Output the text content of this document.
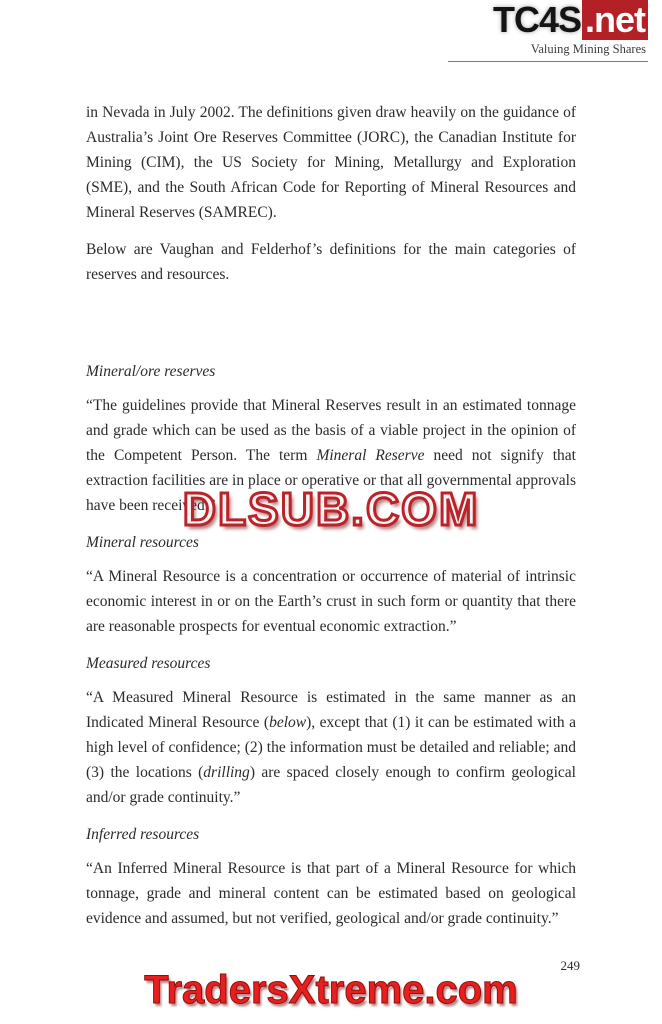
TC4S .net
Valuing Mining Shares

in Nevada in July 2002. The definitions given draw heavily on the guidance of Australia’s Joint Ore Reserves Committee (JORC), the Canadian Institute for Mining (CIM), the US Society for Mining, Metallurgy and Exploration (SME), and the South African Code for Reporting of Mineral Resources and Mineral Reserves (SAMREC).

Below are Vaughan and Felderhof’s definitions for the main categories of reserves and resources.

Mineral/ore reserves

“The guidelines provide that Mineral Reserves result in an estimated tonnage and grade which can be used as the basis of a viable project in the opinion of the Competent Person. The term Mineral Reserve need not signify that extraction facilities are in place or operative or that all governmental approvals have been received.”

Mineral resources

“A Mineral Resource is a concentration or occurrence of material of intrinsic economic interest in or on the Earth’s crust in such form or quantity that there are reasonable prospects for eventual economic extraction.”

Measured resources

“A Measured Mineral Resource is estimated in the same manner as an Indicated Mineral Resource (below), except that (1) it can be estimated with a high level of confidence; (2) the information must be detailed and reliable; and (3) the locations (drilling) are spaced closely enough to confirm geological and/or grade continuity.”

Inferred resources

“An Inferred Mineral Resource is that part of a Mineral Resource for which tonnage, grade and mineral content can be estimated based on geological evidence and assumed, but not verified, geological and/or grade continuity.”

DLSUB.COM
249
TradersXtreme.com
